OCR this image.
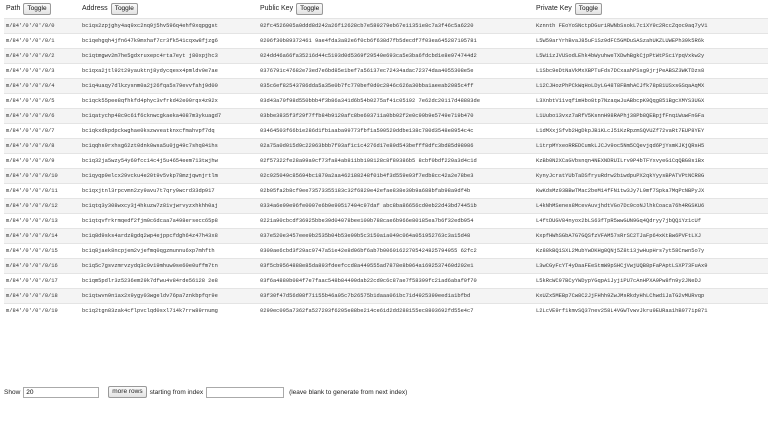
Path Toggle	Address Toggle	Public Key Toggle	Private Key Toggle
m/84'/0'/0'/0/0	bc1qs2zpjghy4aq9xc2nq9j5hv596q4ehf9xqpggst	02fc4526005a0ddd8d242a26f12628cb7e589279eb67e11351e8c7a3f46c5a6220	Kznnth FEoYoSNctpDGuriRWNbSsokL7c1XY9c2RccZqoc9aq7yV1
m/84'/0'/0'/0/1	bc1qehgqh4jfn647k9mxhaf7cr3fk541cqxw8fjzg6	0206f30b89372461 9ae4fda3a82e6f0cb6f638d7fb5decdf7f03ea645287105781	L5W59arYrhBvaJ85uF1Sz9dFC5GMDuSASzahUKZLUWEPh39k5R6k
m/84'/0'/0'/0/2	bc1qtmgwv2m7he5gdxruxepc4rta7eyt j80xpjhc3	024dd46a66fa35216d44c5193d0d5369f29540e693ca5e3ba6fdcbd1e8e974744d2	L5Wi1zJVUSodLEhk4bWyuhweTXDwhBgkCjpPtWtPSciYpqVxkw2y
m/84'/0'/0'/0/3	bc1qxa2jtl92t29yauktnj8ydycqesx4pmldv0e7ae	0376791c47682e73ed7e6bd85e1bef7a56137ec72434adac72374daa4055308e5e	L1Sbc9eDtNaVkMxXBPTuFds7DCxaahPSsg9jrjPeABSZ3WKTDzs8
m/84'/0'/0'/0/4	bc1q4uaqy7dlkzysnm0a2j26fqa5s79evvfahj9d00	035c6ef82543786dda5a35e0b7fc770bef0d0c2846c626a30bba1aeeab2085c4ff	L12CJHozPhPCkWqHoLDyLG48T8FBmhACJfk78p81USxsGSqaAqMX
m/84'/0'/0'/0/5	bc1qck55pee8qfhkfd4phyc3vfrkd42e00rqx4z92x	03d43a70f98d550bbb4f3b86a341d6b54b0275af41c05192 7e62dc20117d48883de	L3XnbtV11vqf1mHbo8tp7NzaqwJuABbcpK9Qqg851BgcXMYS3UGX
m/84'/0'/0'/0/6	bc1qatychp48c9c61f6cknwcgkaeka4087m3ykuagd7	03bbe3835f3f29f7ffb84b9120afc8be603711a0bb02f2e0c99b9e5749e719b470	L1Uubo13vxz7aRfV5KsnnH98RAPhj38Pb8QEBpjfFnqiWuwFnGFa
m/84'/0'/0'/0/7	bc1qkxdkpdpckwghae0kszwveatknxcfmahvpf7dq	03464503f66b1e286d1fb1aaba99773fbf1a590520ddbe138c780d3548e8954c4c	L1dMXxjSfvb2HgDkpJB1KLcJ51KzRpzmSQVUZf72vaRt7EUP8YEY
m/84'/0'/0'/0/8	bc1qqhs9rxhsg62zt0dnk0wsa5u0jg49c7shq841hs	02a75a0d015d9c22063bbb7f03af1c1c4276d17e89d543befff8dfc3bd85d98986	L1trpMYxeoRREDCumkLJCJv9oc5Nm5CQevjqd6PjYsmKJKjQRsH5
m/84'/0'/0'/0/9	bc1q32ja5wzy54y60fcc14c4j5u4654eem713twjhw	02f57322fe28a99a9cf73fa84ab811bb108128c8f89386b5 8cbf0bdf220a3d4c1d	KzBb0N2XCaGVbsnqn4NEXNDRUILrv9P4bTFYxvyeG1CqQBG8s1Bx
m/84'/0'/0'/0/10	bc1qyqp9elcx29vcku4e20t9v5vkp78mzjqwnjrtlm	02c925049c85694bc1870a2aa462188248f01b4f3d559e93f7edb8cc42a2e78be3	KynyJcratYUbTaDSfryuRdrw2biwdpuPX2qkYyysBPATVPtNCR8G
m/84'/0'/0'/0/11	bc1qxjtnl3rpcvmn2zy9avu7t7qry9wcrd33dp917	02b05fa2b8cf9ee73573355183c32f6820e42efae838e30b9a688bfab98a9df4b	KwKdsMz93BBwTMac2beM14fFNitw3Jy7L9mf7Spka7MqPcNBPyJX
m/84'/0'/0'/0/12	bc1qtq3y308wxcy3j4hkuzw7z81vjwrvyzxhkhh0aj	0334a6e99e96fe0007e6b9e90517404c97daf abc8ba86656cd0eb22d43bd74451b	L4kNhMSenes8McevAuvjhdtVGo7Dc9coNJlhkCoaca76h4RGSKU6
m/84'/0'/0'/0/13	bc1qtqvfrkrmqedf2fjm0c6dcaa7a498ersecc65p8	0221a90cbcdf36925bbe39d04078bee100b788cae6b966e80185ea7b6f32edb954	L4ftDUGV84nyox2bLS63fTpR5wwGUN9Gq4Qdryy7jbQQiYz1cUf
m/84'/0'/0'/0/14	bc1q8d9sks4ardz8gdq2wp4ejppcfdgh64z47h43x8	037e520e3457eee9b2535b04b53e99b5c3150a1a049c064a051952763c3a15d48	KxpfHWhSGbA7G7GQSfzVFAM57sRrSC2TJaFp64xKtBw6PVFtLXJ
m/84'/0'/0'/0/15	bc1q8jaek8ncpjem2vjefmq0qgzmunnu6xp7mhfth	0300ae6cbd3f29ac9747a51e42e8d06bf6ab7b00601622705424825794955 62fc2	Kz88kBQ1SXL2MubYwDKHg8QNj5Z8t13jwHupHrs7yt58Cnwn5o7y
m/84'/0'/0'/0/16	bc1q5c7gsvzmrvzydq3c0v19mhuw0se60e0uffm7tn	03f5cb9564888e85da893fdeefccd8a449555ad7878e8b064a1692537460d202e1	L3wCGyFcYT4yDaaFEeStmW9pSHCjVwjUQB8pFaPAptLSXP73FuAx9
m/84'/0'/0'/0/17	bc1qm5pdlr3z5236em29k7dfwu4v84rde56128 2e8	03f6a4880b084f7e7faac548b84490dab22cd0c6c87ae7f58399fc21ad6abaf0f70	L5kRcWC97BCyYWDypYGqpA1JyjiPU7cAnHPXA9Pw8fn9y2JNeDJ
m/84'/0'/0'/0/18	bc1qtwvn9n1ax2x9ygy03wgeldv76pa7znkbpfqr9e	03f30f47d56d08f71155b46a05c7b26575b1daaa061bc71d4925399eed1a1bfbd	KxUZx5MEBp7Cw8C2JjFHhh9ZwJMsRkdyHhLChwd1JaTG2vMURvqp
m/84'/0'/0'/0/19	bc1q2tgn83zak4cflpvclqd0sxl714k7rrw89rnumg	0299ec095a7362fa527203f6205e88be214ce61d2dd288155ec8803692fd55e4c7	L2LcVE9rf1kmvSQ37nev258L4VGWTvwvJkru9EURaa1hB977ip871
Show
20	more rows	starting from index	(leave blank to generate from next index)
